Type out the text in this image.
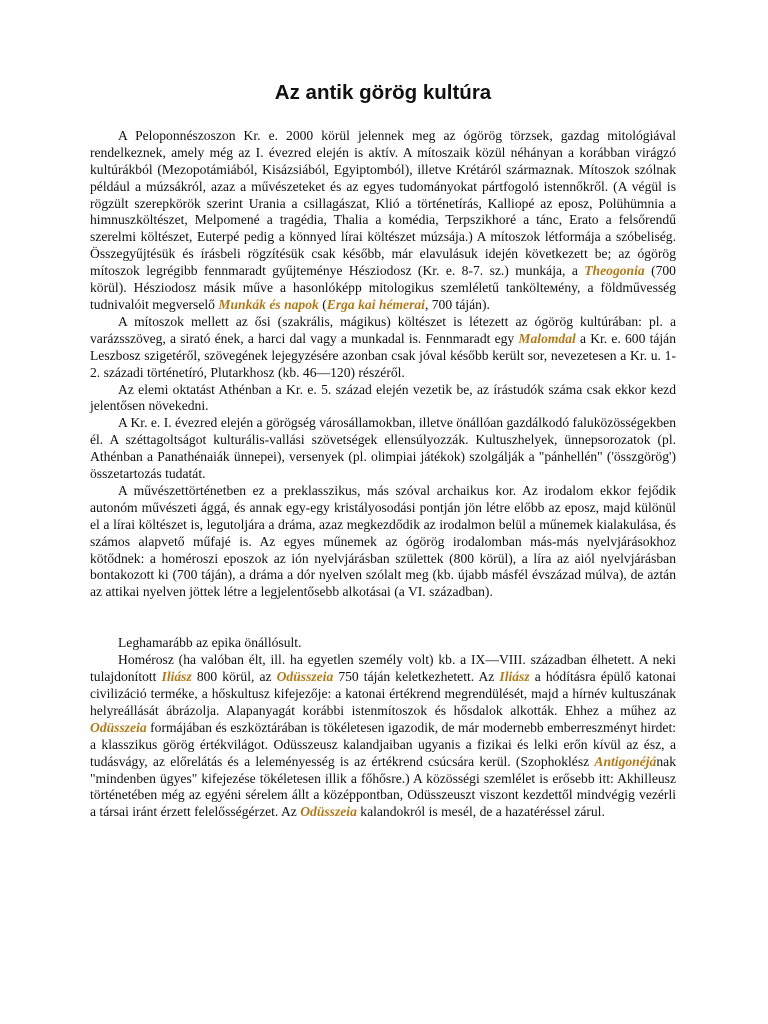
Az antik görög kultúra

A Peloponnészoszon Kr. e. 2000 körül jelennek meg az ógörög törzsek, gazdag mitológiával rendelkeznek, amely még az I. évezred elején is aktív. A mítoszaik közül néhányan a korábban virágzó kultúrákból (Mezopotámiából, Kisázsiából, Egyiptomból), illetve Krétáról származnak. Mítoszok szólnak például a múzsákról, azaz a művészeteket és az egyes tudományokat pártfogoló istennőkről. (A végül is rögzült szerepkörök szerint Urania a csillagászat, Klió a történetírás, Kalliopé az eposz, Polühümnia a himnuszköltészet, Melpomené a tragédia, Thalia a komédia, Terpszikhoré a tánc, Erato a felsőrendű szerelmi költészet, Euterpé pedig a könnyed lírai költészet múzsája.) A mítoszok létformája a szóbeliség. Összegyűjtésük és írásbeli rögzítésük csak később, már elavulásuk idején következett be; az ógörög mítoszok legrégibb fennmaradt gyűjteménye Hésziodosz (Kr. e. 8-7. sz.) munkája, a Theogonia (700 körül). Hésziodosz másik műve a hasonlóképp mitologikus szemléletű tankölteмény, a földművesség tudnivalóit megverselő Munkák és napok (Erga kai hémerai, 700 táján).

A mítoszok mellett az ősi (szakrális, mágikus) költészet is létezett az ógörög kultúrában: pl. a varázsszöveg, a sirató ének, a harci dal vagy a munkadal is. Fennmaradt egy Malomdal a Kr. e. 600 táján Leszbosz szigetéről, szövegének lejegyzésére azonban csak jóval később került sor, nevezetesen a Kr. u. 1-2. századi történetíró, Plutarkhosz (kb. 46—120) részéről.

Az elemi oktatást Athénban a Kr. e. 5. század elején vezetik be, az írástudók száma csak ekkor kezd jelentősen növekedni.

A Kr. e. I. évezred elején a görögség városállamokban, illetve önállóan gazdálkodó faluközösségekben él. A széttagoltságot kulturális-vallási szövetségek ellensúlyozzák. Kultuszhelyek, ünnepsorozatok (pl. Athénban a Panathénaiák ünnepei), versenyek (pl. olimpiai játékok) szolgálják a "pánhellén" ('összgörög') összetartozás tudatát.

A művészettörténetben ez a preklasszikus, más szóval archaikus kor. Az irodalom ekkor fejődik autonóm művészeti ággá, és annak egy-egy kristályosodási pontján jön létre előbb az eposz, majd különül el a lírai költészet is, legutoljára a dráma, azaz megkezdődik az irodalmon belül a műnemek kialakulása, és számos alapvető műfajé is. Az egyes műnemek az ógörög irodalomban más-más nyelvjárásokhoz kötődnek: a homéroszi eposzok az ión nyelvjárásban születtek (800 körül), a líra az aiól nyelvjárásban bontakozott ki (700 táján), a dráma a dór nyelven szólalt meg (kb. újabb másfél évszázad múlva), de aztán az attikai nyelven jöttek létre a legjelentősebb alkotásai (a VI. században).

Leghamarább az epika önállósult.

Homérosz (ha valóban élt, ill. ha egyetlen személy volt) kb. a IX—VIII. században élhetett. A neki tulajdonított Iliász 800 körül, az Odüsszeia 750 táján keletkezhetett. Az Iliász a hódításra épülő katonai civilizáció terméke, a hőskultusz kifejezője: a katonai értékrend megrendülését, majd a hírnév kultuszának helyreállását ábrázolja. Alapanyagát korábbi istenmítoszok és hősdalok alkották. Ehhez a műhez az Odüsszeia formájában és eszköztárában is tökéletesen igazodik, de már modernebb emberreszményt hirdet: a klasszikus görög értékvilágot. Odüsszeusz kalandjaiban ugyanis a fizikai és lelki erőn kívül az ész, a tudásvágy, az előrelátás és a leleményesség is az értékrend csúcsára kerül. (Szophoklész Antigonéjának "mindenben ügyes" kifejezése tökéletesen illik a főhősre.) A közösségi szemlélet is erősebb itt: Akhilleusz történetében még az egyéni sérelem állt a középpontban, Odüsszeuszt viszont kezdettől mindvégig vezérli a társai iránt érzett felelősségérzet. Az Odüsszeia kalandokról is mesél, de a hazatéréssel zárul.
